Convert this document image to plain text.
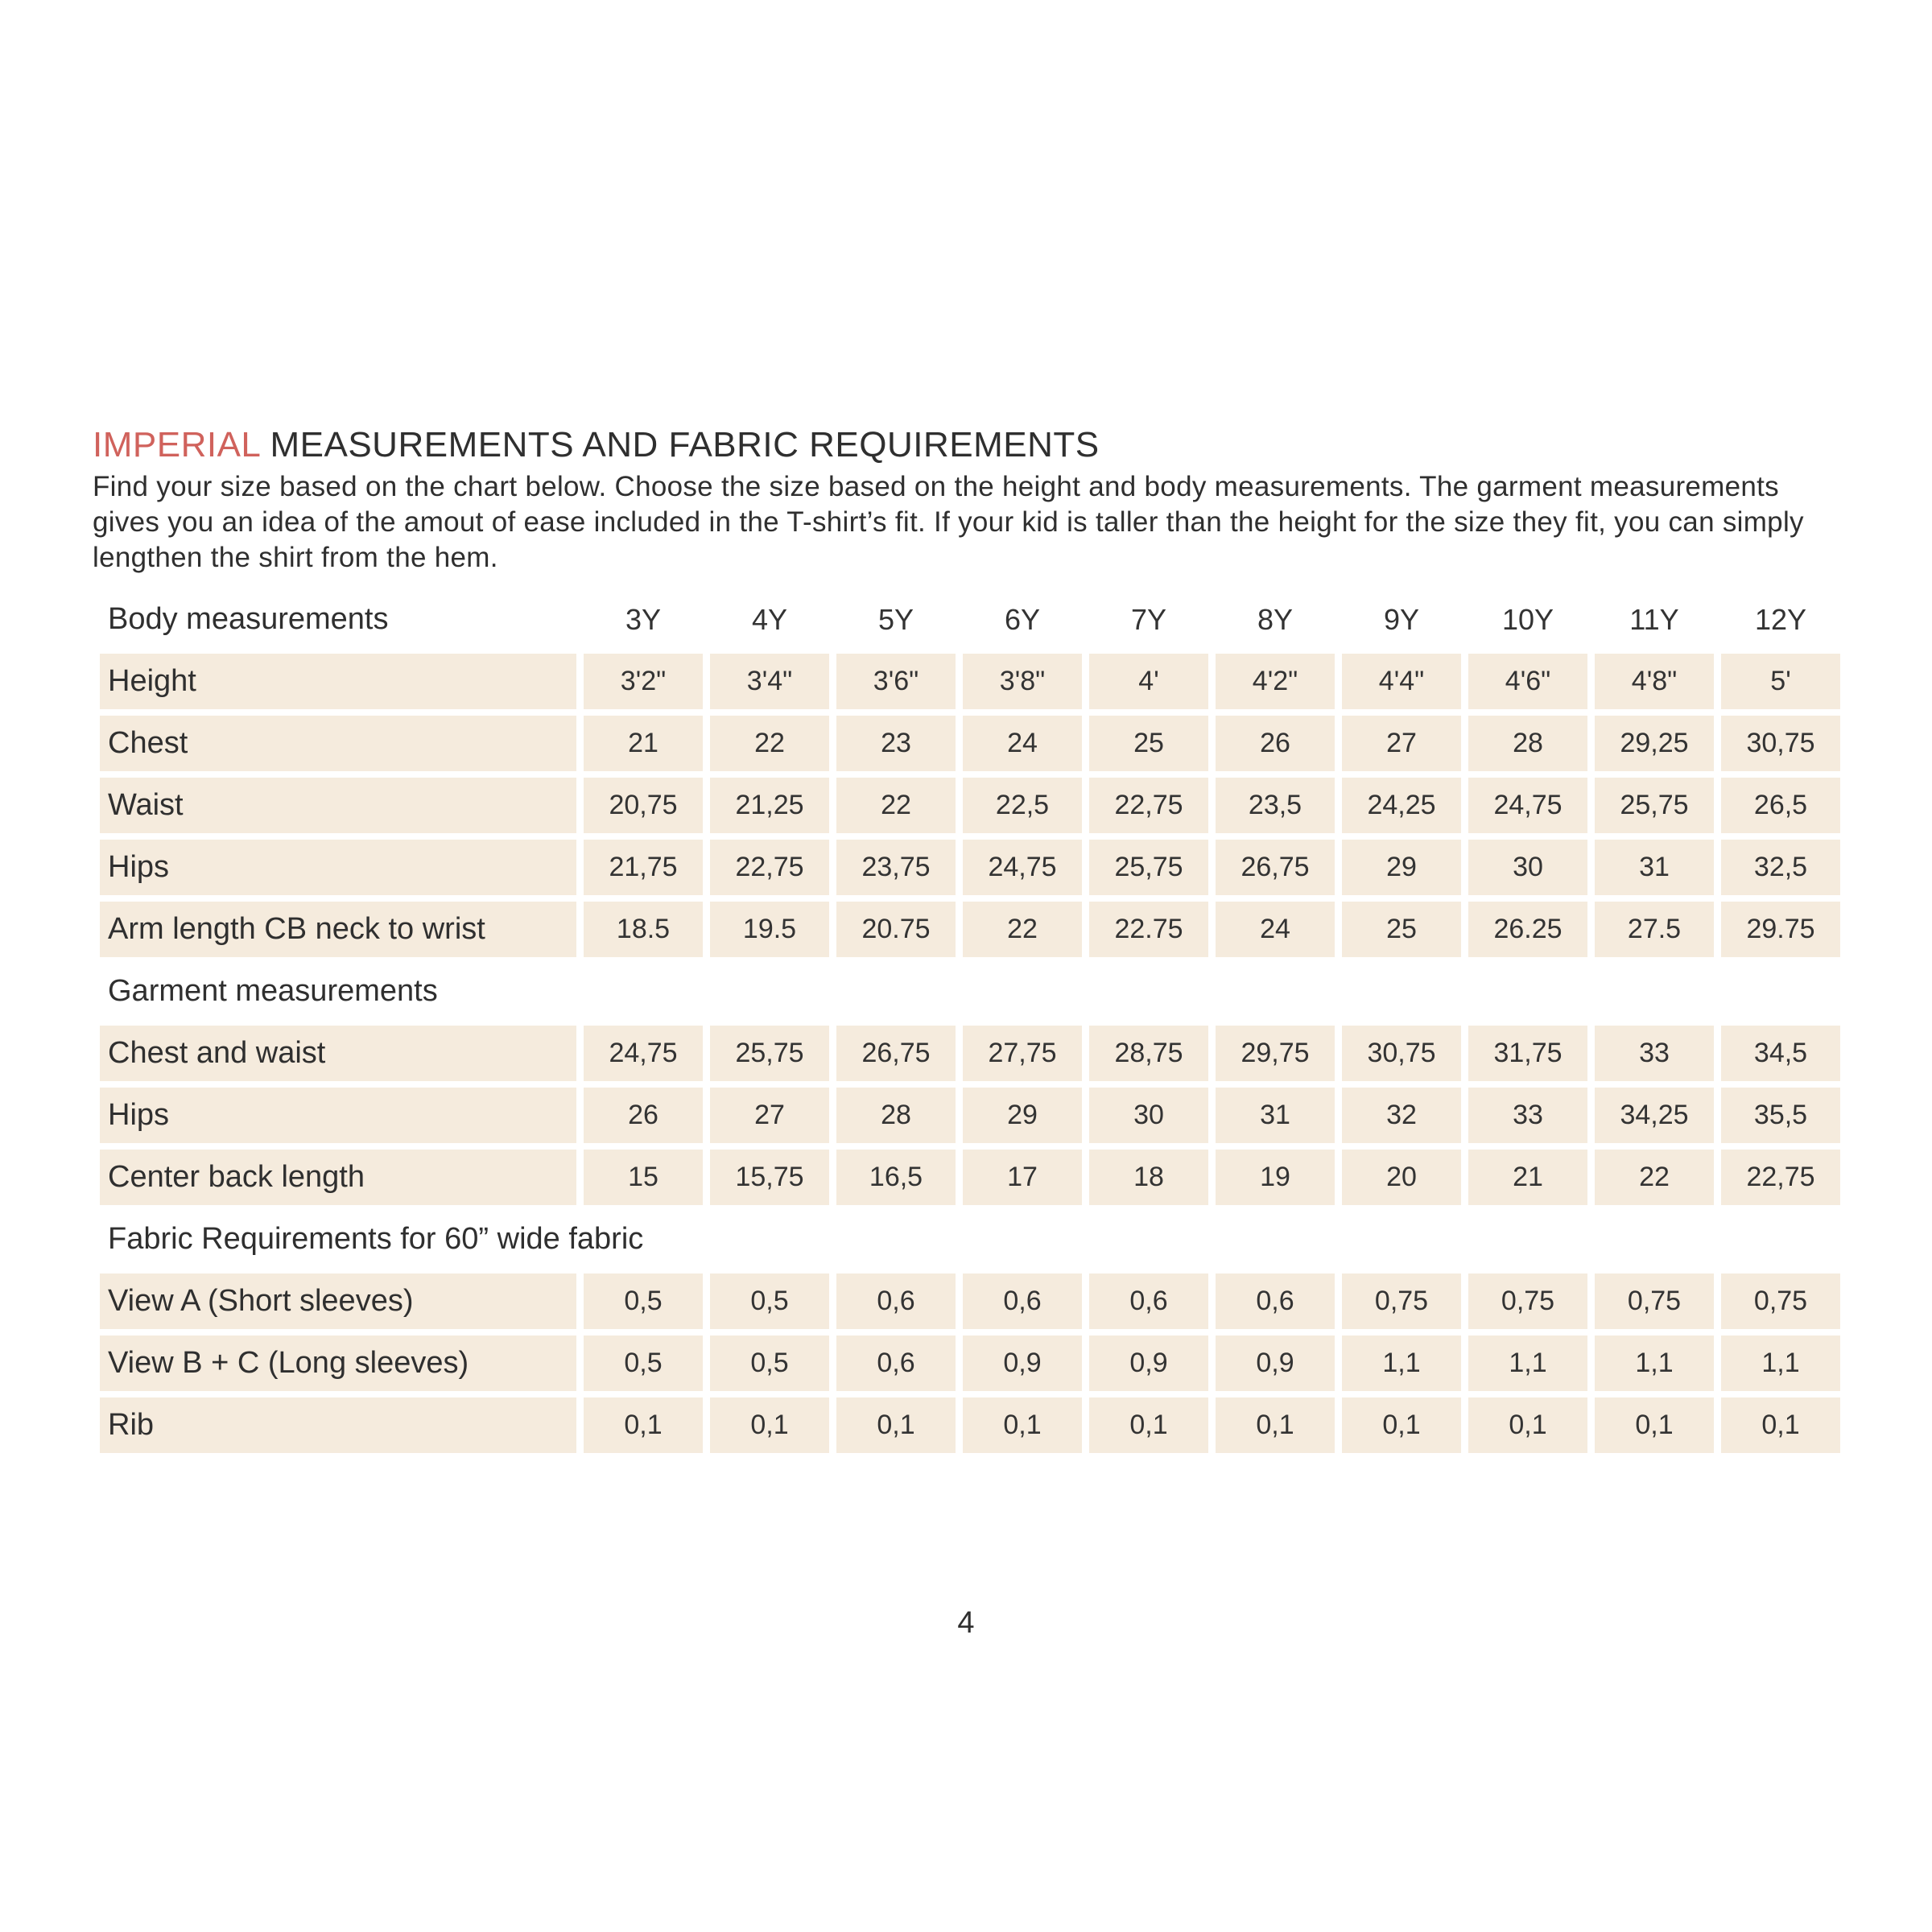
IMPERIAL MEASUREMENTS AND FABRIC REQUIREMENTS
Find your size based on the chart below. Choose the size based on the height and body measurements. The garment measurements gives you an idea of the amout of ease included in the T-shirt’s fit. If your kid is taller than the height for the size they fit, you can simply lengthen the shirt from the hem.
Body measurements	3Y	4Y	5Y	6Y	7Y	8Y	9Y	10Y	11Y	12Y
Height	3'2"	3'4"	3'6"	3'8"	4'	4'2"	4'4"	4'6"	4'8"	5'
Chest	21	22	23	24	25	26	27	28	29,25	30,75
Waist	20,75	21,25	22	22,5	22,75	23,5	24,25	24,75	25,75	26,5
Hips	21,75	22,75	23,75	24,75	25,75	26,75	29	30	31	32,5
Arm length CB neck to wrist	18.5	19.5	20.75	22	22.75	24	25	26.25	27.5	29.75
Garment measurements										
Chest and waist	24,75	25,75	26,75	27,75	28,75	29,75	30,75	31,75	33	34,5
Hips	26	27	28	29	30	31	32	33	34,25	35,5
Center back length	15	15,75	16,5	17	18	19	20	21	22	22,75
Fabric Requirements for 60” wide fabric										
View A (Short sleeves)	0,5	0,5	0,6	0,6	0,6	0,6	0,75	0,75	0,75	0,75
View B + C (Long sleeves)	0,5	0,5	0,6	0,9	0,9	0,9	1,1	1,1	1,1	1,1
Rib	0,1	0,1	0,1	0,1	0,1	0,1	0,1	0,1	0,1	0,1
4
